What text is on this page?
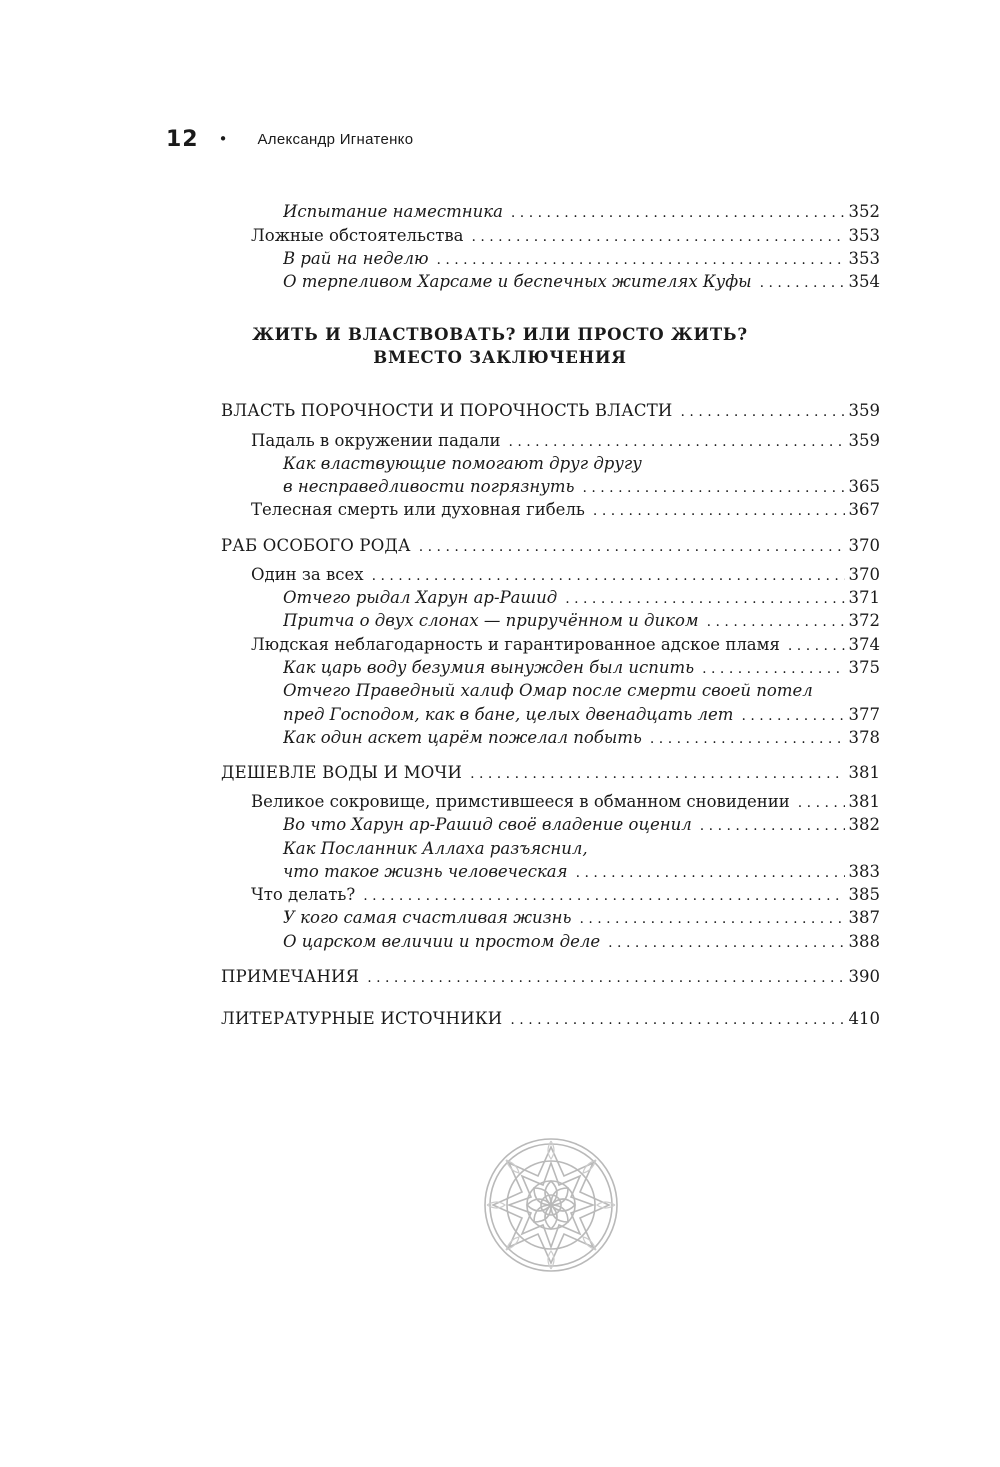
12 • Александр Игнатенко
Испытание наместника . . .	352
Ложные обстоятельства . . .	353
В рай на неделю . . .	353
О терпеливом Харсаме и беспечных жителях Куфы . . .	354
ЖИТЬ И ВЛАСТВОВАТЬ? ИЛИ ПРОСТО ЖИТЬ?
ВМЕСТО ЗАКЛЮЧЕНИЯ
ВЛАСТЬ ПОРОЧНОСТИ И ПОРОЧНОСТЬ ВЛАСТИ . . .	359
Падаль в окружении падали . . .	359
Как властвующие помогают друг другу
в несправедливости погрязнуть . . .	365
Телесная смерть или духовная гибель . . .	367
РАБ ОСОБОГО РОДА . . .	370
Один за всех . . .	370
Отчего рыдал Харун ар-Рашид . . .	371
Притча о двух слонах — приручённом и диком . . .	372
Людская неблагодарность и гарантированное адское пламя . . .	374
Как царь воду безумия вынужден был испить . . .	375
Отчего Праведный халиф Омар после смерти своей потел
пред Господом, как в бане, целых двенадцать лет . . .	377
Как один аскет царём пожелал побыть . . .	378
ДЕШЕВЛЕ ВОДЫ И МОЧИ . . .	381
Великое сокровище, примстившееся в обманном сновидении . . .	381
Во что Харун ар-Рашид своё владение оценил . . .	382
Как Посланник Аллаха разъяснил,
что такое жизнь человеческая . . .	383
Что делать? . . .	385
У кого самая счастливая жизнь . . .	387
О царском величии и простом деле . . .	388
ПРИМЕЧАНИЯ . . .	390
ЛИТЕРАТУРНЫЕ ИСТОЧНИКИ . . .	410
